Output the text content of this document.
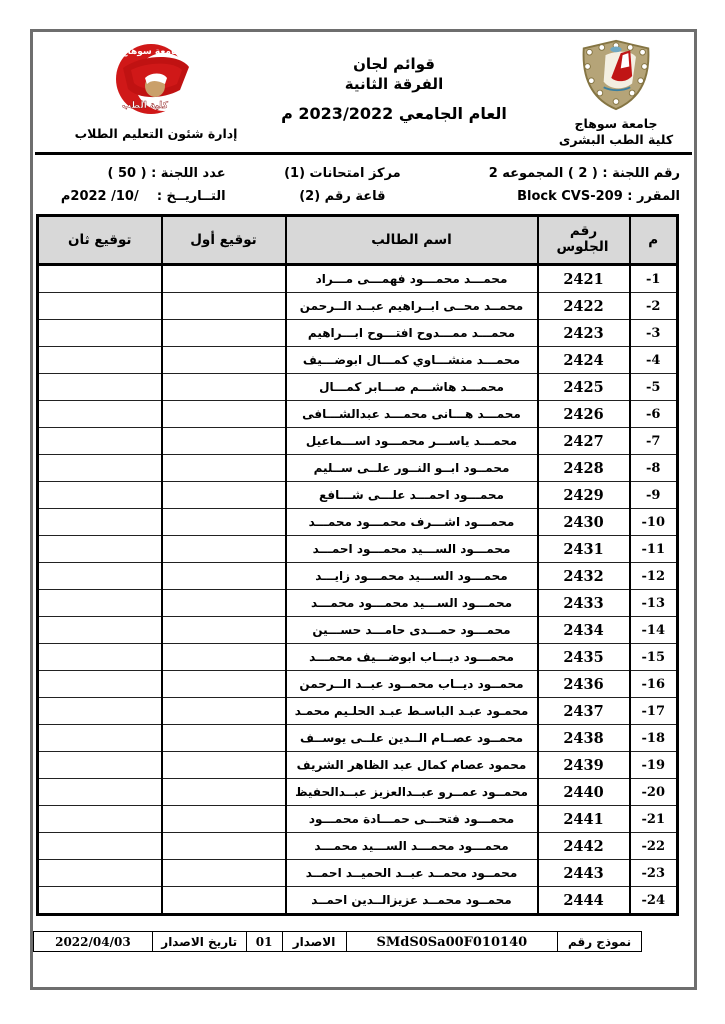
جامعة سوهاج
كلية الطب البشرى
قوائم لجان
الفرقة الثانية
العام الجامعي 2023/2022 م
جامعة سوهاج
كلية الطب
إدارة شئون التعليم الطلاب
رقم اللجنة : ( 2 ) المجموعه 2
مركز امتحانات (1)
عدد اللجنة : ( 50 )
المقرر : Block CVS-209
قاعة رقم (2)
التــاريــخ :    /10/ 2022م
م	رقم الجلوس	اسم الطالب	توقيع أول	توقيع ثان
-1	2421	محمـــد محمـــود فهمـــى مـــراد		
-2	2422	محمــد محــى ابــراهيم عبــد الــرحمن		
-3	2423	محمـــد ممـــدوح افتـــوح ابـــراهيم		
-4	2424	محمـــد منشـــاوي كمـــال ابوضـــيف		
-5	2425	محمـــد هاشـــم صـــابر كمـــال		
-6	2426	محمـــد هـــانى محمـــد عبدالشـــافى		
-7	2427	محمـــد ياســـر محمـــود اســـماعيل		
-8	2428	محمــود ابــو النــور علــى ســليم		
-9	2429	محمـــود احمـــد علـــى شـــافع		
-10	2430	محمـــود اشـــرف محمـــود محمـــد		
-11	2431	محمـــود الســـيد محمـــود احمـــد		
-12	2432	محمـــود الســـيد محمـــود زايـــد		
-13	2433	محمـــود الســـيد محمـــود محمـــد		
-14	2434	محمـــود حمـــدى حامـــد حســـين		
-15	2435	محمـــود ديـــاب ابوضـــيف محمـــد		
-16	2436	محمــود ديــاب محمــود عبــد الــرحمن		
-17	2437	محمـود عبـد الباسـط عبـد الحلـيم محمـد		
-18	2438	محمــود عصــام الــدين علــى يوســف		
-19	2439	محمود عصام كمال عبد الظاهر الشريف		
-20	2440	محمــود عمــرو عبــدالعزيز عبــدالحفيظ		
-21	2441	محمـــود فتحـــى حمـــادة محمـــود		
-22	2442	محمـــود محمـــد الســـيد محمـــد		
-23	2443	محمــود محمــد عبــد الحميــد احمــد		
-24	2444	محمــود محمــد عزيزالــدين احمــد		
نموذج رقم
SMdS0Sa00F010140
الاصدار
01
تاريخ الاصدار
2022/04/03
